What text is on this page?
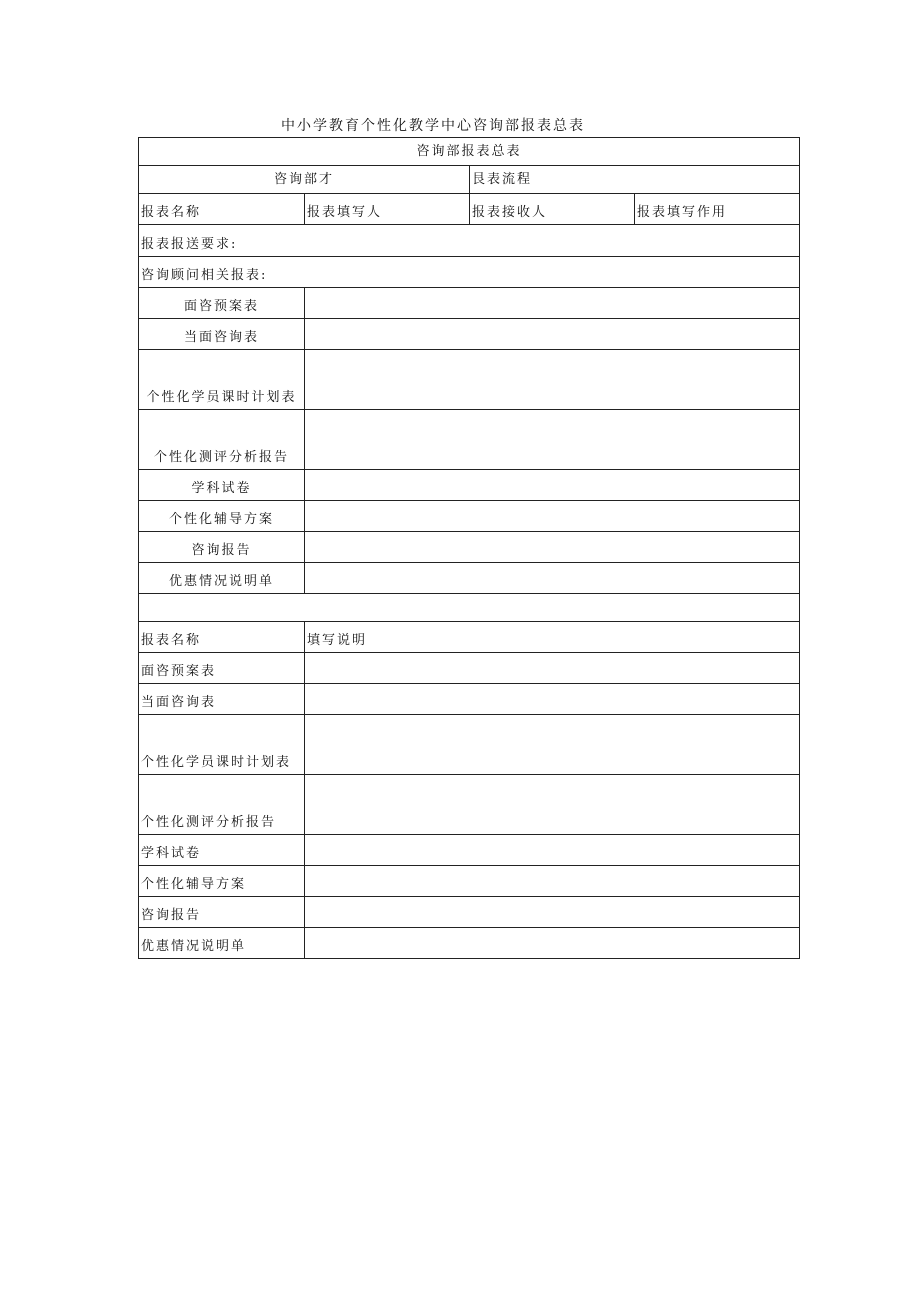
中小学教育个性化教学中心咨询部报表总表
咨询部报表总表			
咨询部才		艮表流程	
报表名称	报表填写人	报表接收人	报表填写作用
报表报送要求:			
咨询顾问相关报表:			
面咨预案表			
当面咨询表			
个性化学员课时计划表			
个性化测评分析报告			
学科试卷			
个性化辅导方案			
咨询报告			
优惠情况说明单			

报表名称	填写说明		
面咨预案表			
当面咨询表			
个性化学员课时计划表			
个性化测评分析报告			
学科试卷			
个性化辅导方案			
咨询报告			
优惠情况说明单			
